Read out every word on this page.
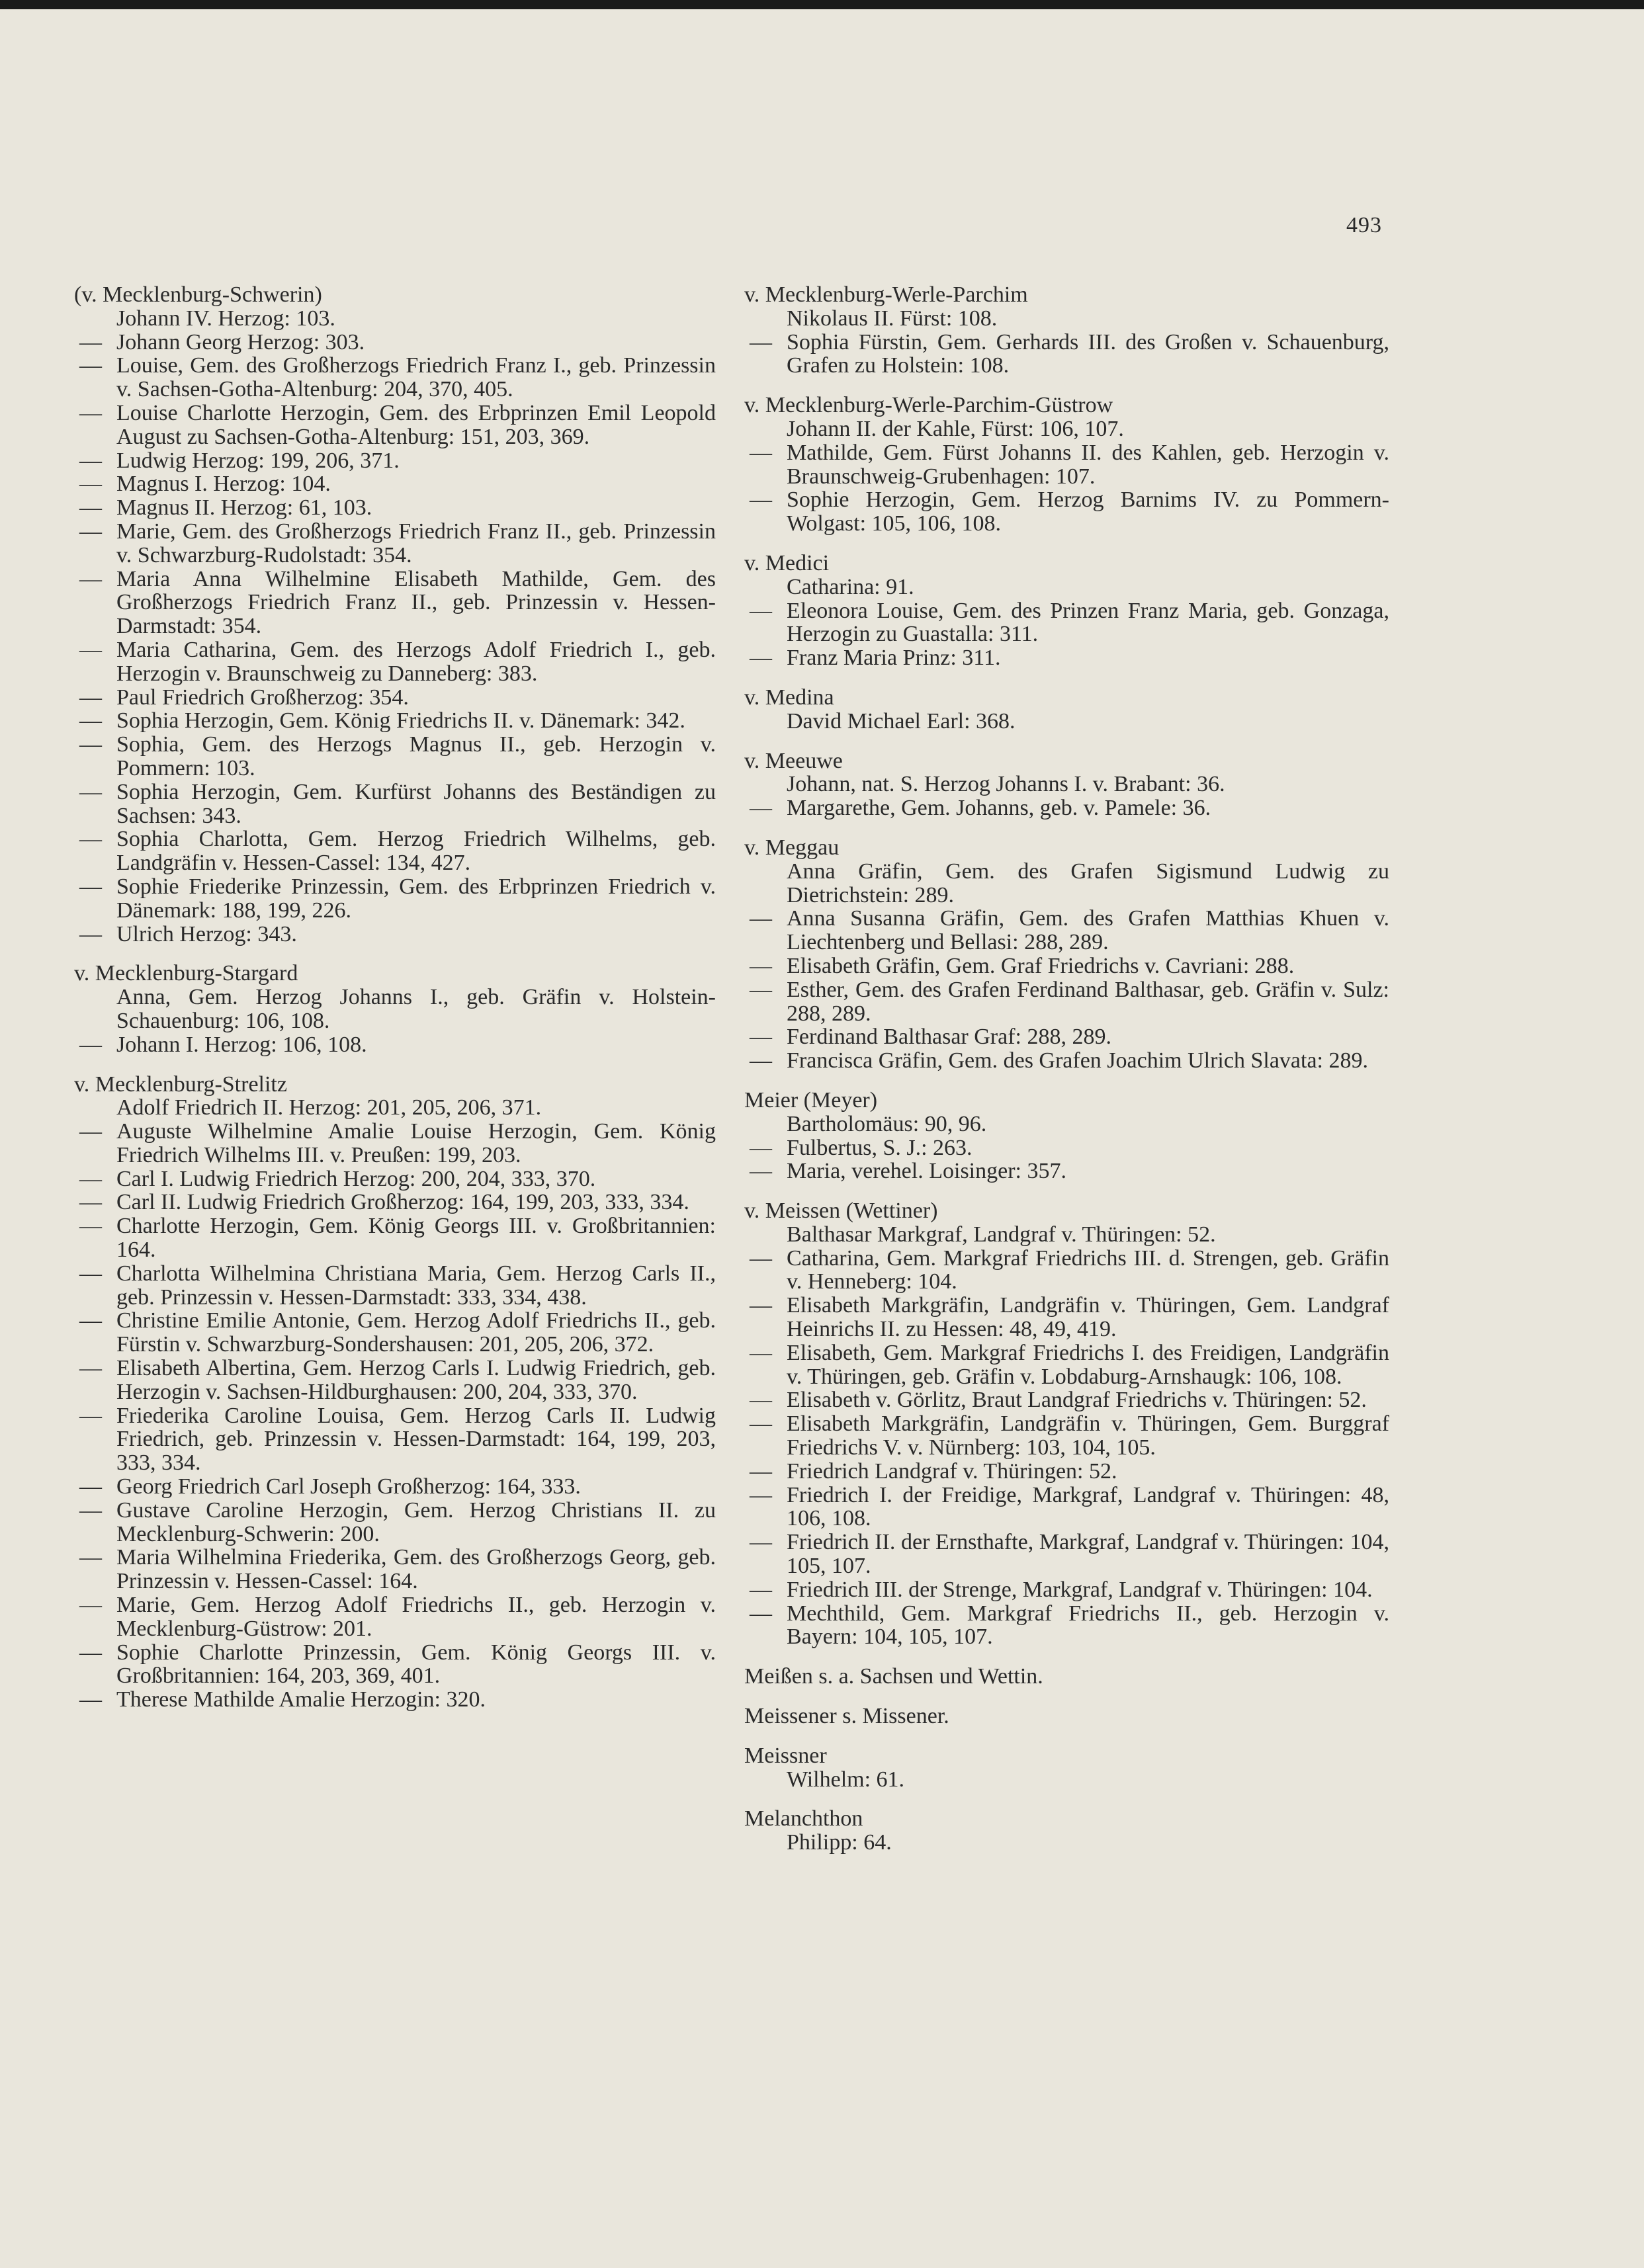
493
(v. Mecklenburg-Schwerin)
Johann IV. Herzog: 103.
— Johann Georg Herzog: 303.
— Louise, Gem. des Großherzogs Friedrich Franz I., geb. Prinzessin v. Sachsen-Gotha-Altenburg: 204, 370, 405.
— Louise Charlotte Herzogin, Gem. des Erbprinzen Emil Leopold August zu Sachsen-Gotha-Altenburg: 151, 203, 369.
— Ludwig Herzog: 199, 206, 371.
— Magnus I. Herzog: 104.
— Magnus II. Herzog: 61, 103.
— Marie, Gem. des Großherzogs Friedrich Franz II., geb. Prinzessin v. Schwarzburg-Rudolstadt: 354.
— Maria Anna Wilhelmine Elisabeth Mathilde, Gem. des Großherzogs Friedrich Franz II., geb. Prinzessin v. Hessen-Darmstadt: 354.
— Maria Catharina, Gem. des Herzogs Adolf Friedrich I., geb. Herzogin v. Braunschweig zu Danneberg: 383.
— Paul Friedrich Großherzog: 354.
— Sophia Herzogin, Gem. König Friedrichs II. v. Dänemark: 342.
— Sophia, Gem. des Herzogs Magnus II., geb. Herzogin v. Pommern: 103.
— Sophia Herzogin, Gem. Kurfürst Johanns des Beständigen zu Sachsen: 343.
— Sophia Charlotta, Gem. Herzog Friedrich Wilhelms, geb. Landgräfin v. Hessen-Cassel: 134, 427.
— Sophie Friederike Prinzessin, Gem. des Erbprinzen Friedrich v. Dänemark: 188, 199, 226.
— Ulrich Herzog: 343.
v. Mecklenburg-Stargard
Anna, Gem. Herzog Johanns I., geb. Gräfin v. Holstein-Schauenburg: 106, 108.
— Johann I. Herzog: 106, 108.
v. Mecklenburg-Strelitz
Adolf Friedrich II. Herzog: 201, 205, 206, 371.
— Auguste Wilhelmine Amalie Louise Herzogin, Gem. König Friedrich Wilhelms III. v. Preußen: 199, 203.
— Carl I. Ludwig Friedrich Herzog: 200, 204, 333, 370.
— Carl II. Ludwig Friedrich Großherzog: 164, 199, 203, 333, 334.
— Charlotte Herzogin, Gem. König Georgs III. v. Großbritannien: 164.
— Charlotta Wilhelmina Christiana Maria, Gem. Herzog Carls II., geb. Prinzessin v. Hessen-Darmstadt: 333, 334, 438.
— Christine Emilie Antonie, Gem. Herzog Adolf Friedrichs II., geb. Fürstin v. Schwarzburg-Sondershausen: 201, 205, 206, 372.
— Elisabeth Albertina, Gem. Herzog Carls I. Ludwig Friedrich, geb. Herzogin v. Sachsen-Hildburghausen: 200, 204, 333, 370.
— Friederika Caroline Louisa, Gem. Herzog Carls II. Ludwig Friedrich, geb. Prinzessin v. Hessen-Darmstadt: 164, 199, 203, 333, 334.
— Georg Friedrich Carl Joseph Großherzog: 164, 333.
— Gustave Caroline Herzogin, Gem. Herzog Christians II. zu Mecklenburg-Schwerin: 200.
— Maria Wilhelmina Friederika, Gem. des Großherzogs Georg, geb. Prinzessin v. Hessen-Cassel: 164.
— Marie, Gem. Herzog Adolf Friedrichs II., geb. Herzogin v. Mecklenburg-Güstrow: 201.
— Sophie Charlotte Prinzessin, Gem. König Georgs III. v. Großbritannien: 164, 203, 369, 401.
— Therese Mathilde Amalie Herzogin: 320.
v. Mecklenburg-Werle-Parchim
Nikolaus II. Fürst: 108.
— Sophia Fürstin, Gem. Gerhards III. des Großen v. Schauenburg, Grafen zu Holstein: 108.
v. Mecklenburg-Werle-Parchim-Güstrow
Johann II. der Kahle, Fürst: 106, 107.
— Mathilde, Gem. Fürst Johanns II. des Kahlen, geb. Herzogin v. Braunschweig-Grubenhagen: 107.
— Sophie Herzogin, Gem. Herzog Barnims IV. zu Pommern-Wolgast: 105, 106, 108.
v. Medici
Catharina: 91.
— Eleonora Louise, Gem. des Prinzen Franz Maria, geb. Gonzaga, Herzogin zu Guastalla: 311.
— Franz Maria Prinz: 311.
v. Medina
David Michael Earl: 368.
v. Meeuwe
Johann, nat. S. Herzog Johanns I. v. Brabant: 36.
— Margarethe, Gem. Johanns, geb. v. Pamele: 36.
v. Meggau
Anna Gräfin, Gem. des Grafen Sigismund Ludwig zu Dietrichstein: 289.
— Anna Susanna Gräfin, Gem. des Grafen Matthias Khuen v. Liechtenberg und Bellasi: 288, 289.
— Elisabeth Gräfin, Gem. Graf Friedrichs v. Cavriani: 288.
— Esther, Gem. des Grafen Ferdinand Balthasar, geb. Gräfin v. Sulz: 288, 289.
— Ferdinand Balthasar Graf: 288, 289.
— Francisca Gräfin, Gem. des Grafen Joachim Ulrich Slavata: 289.
Meier (Meyer)
Bartholomäus: 90, 96.
— Fulbertus, S. J.: 263.
— Maria, verehel. Loisinger: 357.
v. Meissen (Wettiner)
Balthasar Markgraf, Landgraf v. Thüringen: 52.
— Catharina, Gem. Markgraf Friedrichs III. d. Strengen, geb. Gräfin v. Henneberg: 104.
— Elisabeth Markgräfin, Landgräfin v. Thüringen, Gem. Landgraf Heinrichs II. zu Hessen: 48, 49, 419.
— Elisabeth, Gem. Markgraf Friedrichs I. des Freidigen, Landgräfin v. Thüringen, geb. Gräfin v. Lobdaburg-Arnshaugk: 106, 108.
— Elisabeth v. Görlitz, Braut Landgraf Friedrichs v. Thüringen: 52.
— Elisabeth Markgräfin, Landgräfin v. Thüringen, Gem. Burggraf Friedrichs V. v. Nürnberg: 103, 104, 105.
— Friedrich Landgraf v. Thüringen: 52.
— Friedrich I. der Freidige, Markgraf, Landgraf v. Thüringen: 48, 106, 108.
— Friedrich II. der Ernsthafte, Markgraf, Landgraf v. Thüringen: 104, 105, 107.
— Friedrich III. der Strenge, Markgraf, Landgraf v. Thüringen: 104.
— Mechthild, Gem. Markgraf Friedrichs II., geb. Herzogin v. Bayern: 104, 105, 107.
Meißen s. a. Sachsen und Wettin.
Meissener s. Missener.
Meissner
Wilhelm: 61.
Melanchthon
Philipp: 64.
